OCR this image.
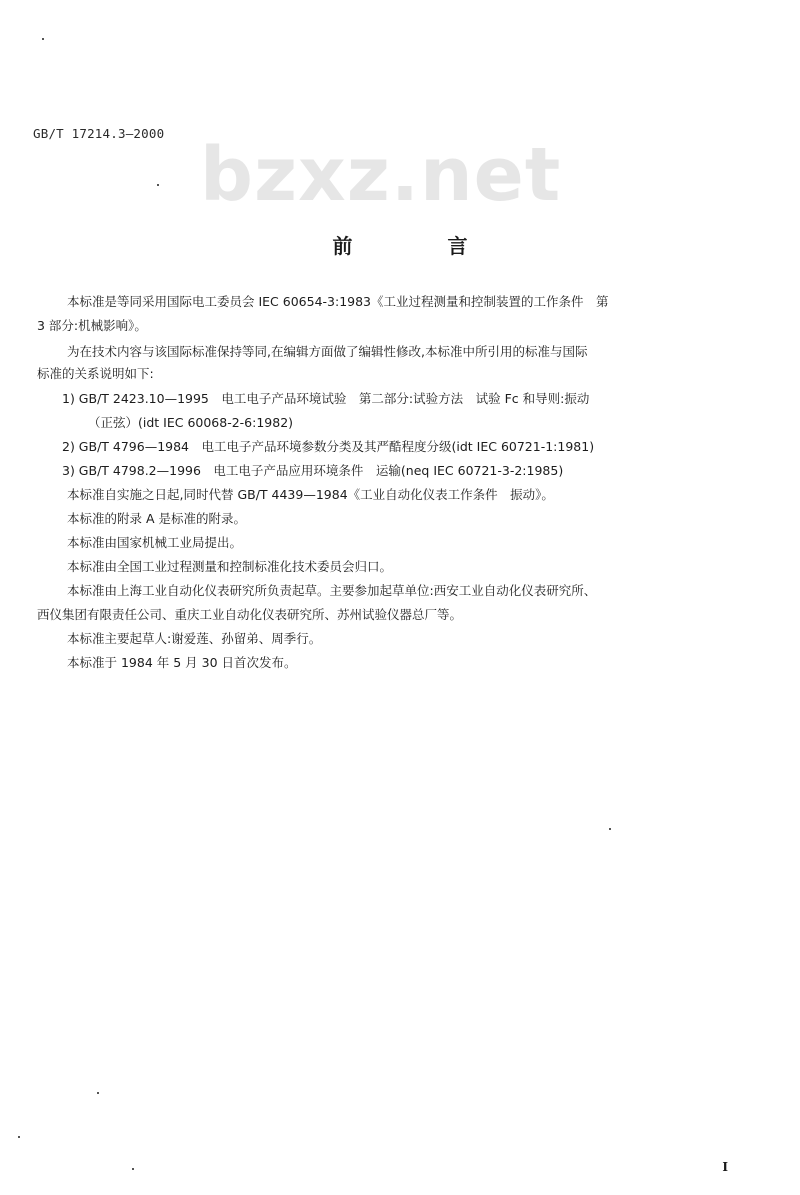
GB/T 17214.3—2000 bzxz.net
前 言
本标准是等同采用国际电工委员会 IEC 60654-3:1983《工业过程测量和控制装置的工作条件　第
3 部分:机械影响》。
为在技术内容与该国际标准保持等同,在编辑方面做了编辑性修改,本标准中所引用的标准与国际
标准的关系说明如下:
1) GB/T 2423.10—1995　电工电子产品环境试验　第二部分:试验方法　试验 Fc 和导则:振动
（正弦）(idt IEC 60068-2-6:1982)
2) GB/T 4796—1984　电工电子产品环境参数分类及其严酷程度分级(idt IEC 60721-1:1981)
3) GB/T 4798.2—1996　电工电子产品应用环境条件　运输(neq IEC 60721-3-2:1985)
本标准自实施之日起,同时代替 GB/T 4439—1984《工业自动化仪表工作条件　振动》。
本标准的附录 A 是标准的附录。
本标准由国家机械工业局提出。
本标准由全国工业过程测量和控制标准化技术委员会归口。
本标准由上海工业自动化仪表研究所负责起草。主要参加起草单位:西安工业自动化仪表研究所、
西仪集团有限责任公司、重庆工业自动化仪表研究所、苏州试验仪器总厂等。
本标准主要起草人:谢爱莲、孙留弟、周季行。
本标准于 1984 年 5 月 30 日首次发布。
I
